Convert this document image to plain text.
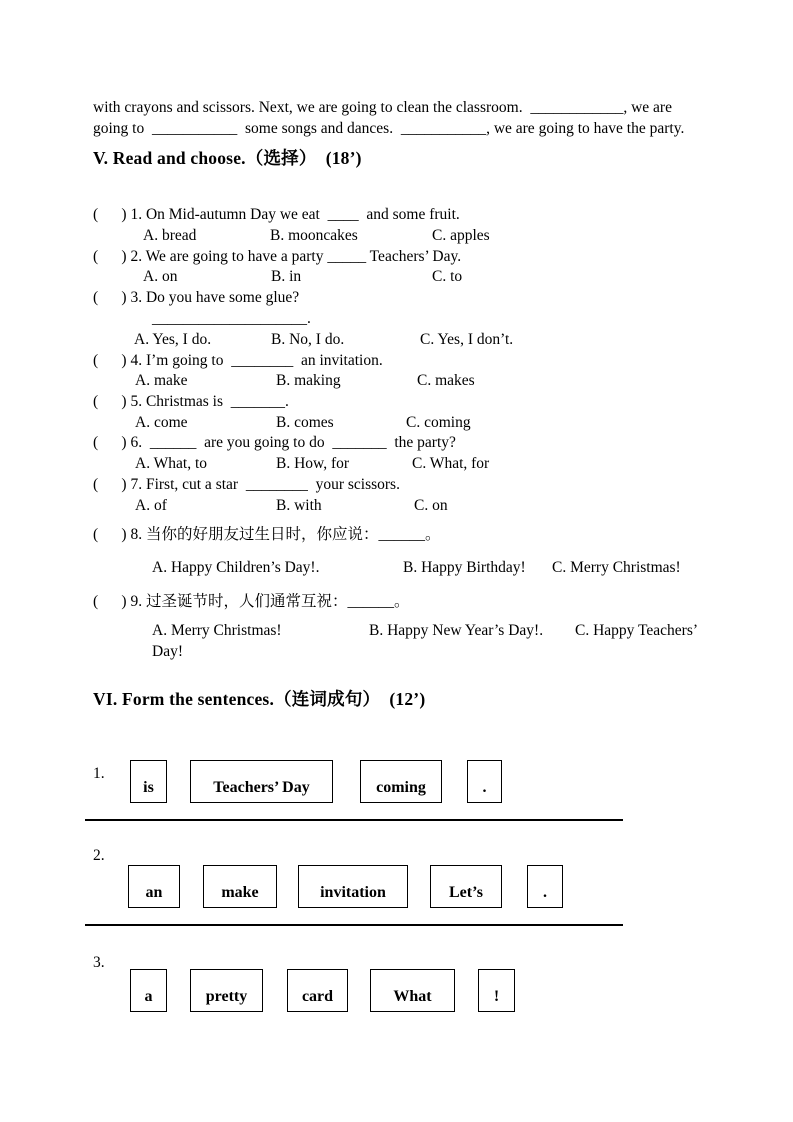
with crayons and scissors. Next, we are going to clean the classroom.  ____________, we are
going to  ___________  some songs and dances.  ___________, we are going to have the party.
V. Read and choose.（选择）  (18’)
(      ) 1. On Mid-autumn Day we eat  ____  and some fruit.
A. bread	B. mooncakes	C. apples
(      ) 2. We are going to have a party _____ Teachers’ Day.
A. on	B. in	C. to
(      ) 3. Do you have some glue?
____________________.
A. Yes, I do.	B. No, I do.	C. Yes, I don’t.
(      ) 4. I’m going to  ________  an invitation.
A. make	B. making	C. makes
(      ) 5. Christmas is  _______.
A. come	B. comes	C. coming
(      ) 6.  ______  are you going to do  _______  the party?
A. What, to	B. How, for	C. What, for
(      ) 7. First, cut a star  ________  your scissors.
A. of	B. with	C. on
(      ) 8. 当你的好朋友过生日时，你应说：______。
A. Happy Children’s Day!.	B. Happy Birthday! C. Merry Christmas!
(      ) 9. 过圣诞节时，人们通常互祝：______。
A. Merry Christmas!	B. Happy New Year’s Day!. C. Happy Teachers’
Day!
VI. Form the sentences.（连词成句）  (12’)
1.
is	Teachers’ Day	coming	.
2.
an	make	invitation	Let’s	.
3.
a	pretty	card	What	!
